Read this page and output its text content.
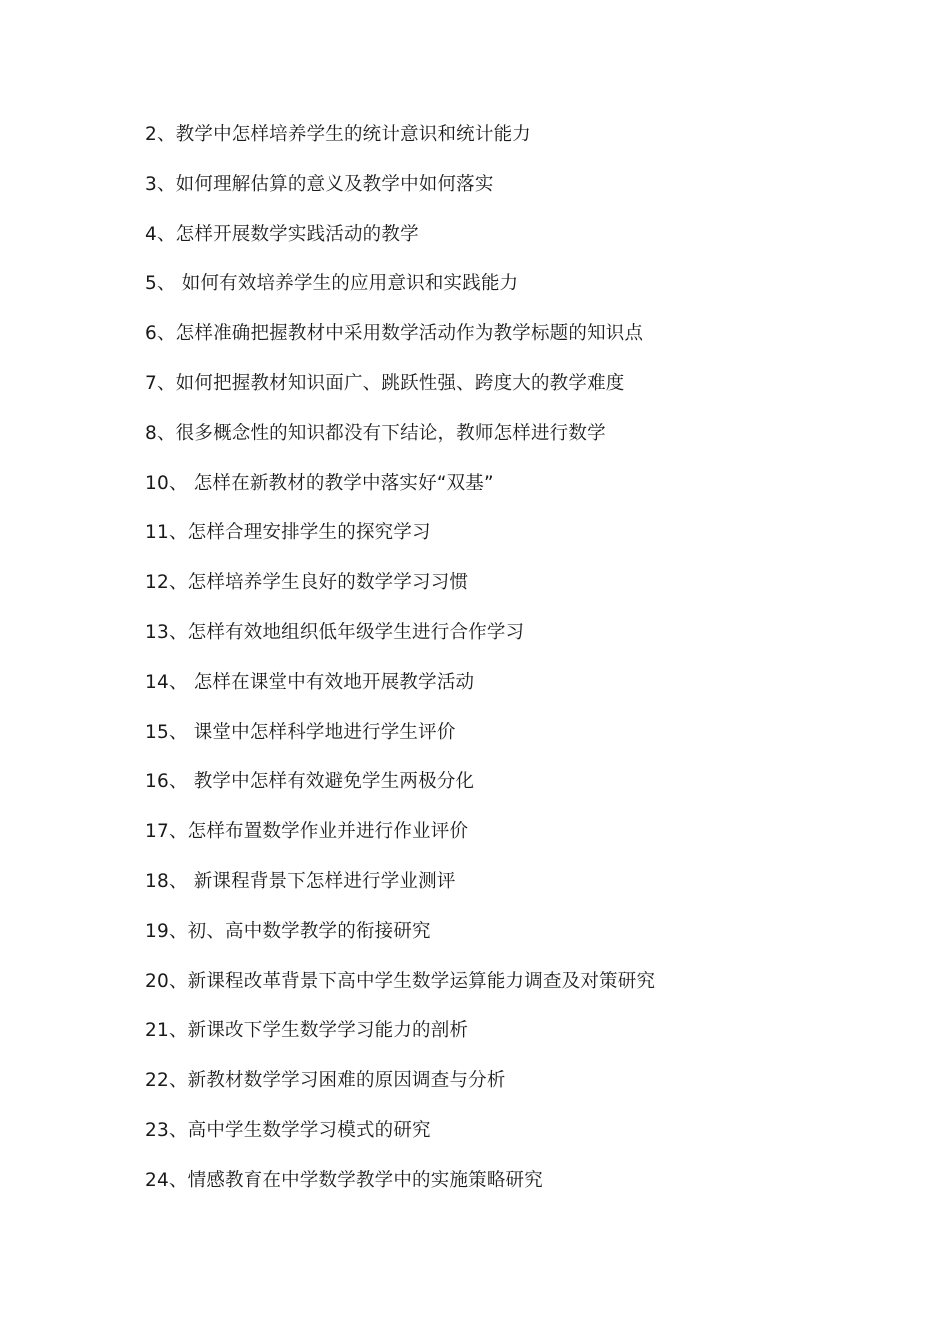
2、教学中怎样培养学生的统计意识和统计能力
3、如何理解估算的意义及教学中如何落实
4、怎样开展数学实践活动的教学
5、 如何有效培养学生的应用意识和实践能力
6、怎样准确把握教材中采用数学活动作为教学标题的知识点
7、如何把握教材知识面广、跳跃性强、跨度大的教学难度
8、很多概念性的知识都没有下结论，教师怎样进行数学
10、 怎样在新教材的教学中落实好“双基”
11、怎样合理安排学生的探究学习
12、怎样培养学生良好的数学学习习惯
13、怎样有效地组织低年级学生进行合作学习
14、 怎样在课堂中有效地开展教学活动
15、 课堂中怎样科学地进行学生评价
16、 教学中怎样有效避免学生两极分化
17、怎样布置数学作业并进行作业评价
18、 新课程背景下怎样进行学业测评
19、初、高中数学教学的衔接研究
20、新课程改革背景下高中学生数学运算能力调查及对策研究
21、新课改下学生数学学习能力的剖析
22、新教材数学学习困难的原因调查与分析
23、高中学生数学学习模式的研究
24、情感教育在中学数学教学中的实施策略研究
